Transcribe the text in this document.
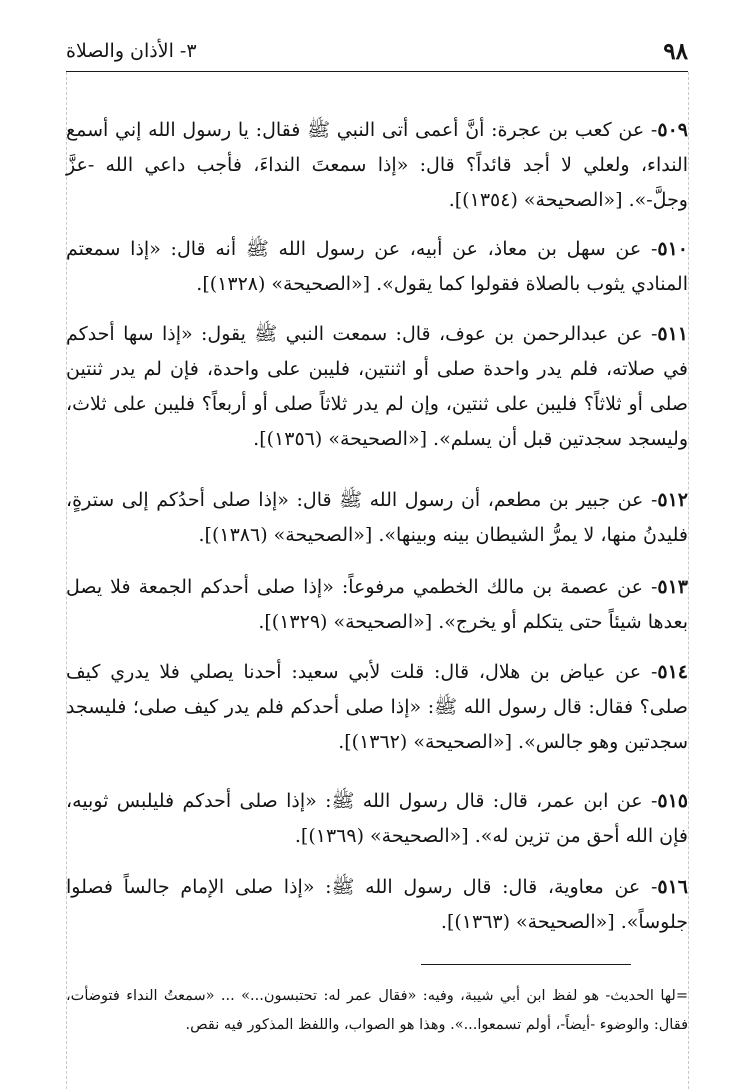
٩٨
٣- الأذان والصلاة
٥٠٩- عن كعب بن عجرة: أنَّ أعمى أتى النبي ﷺ فقال: يا رسول الله إني أسمع النداء، ولعلي لا أجد قائداً؟ قال: «إذا سمعتَ النداءَ، فأجب داعي الله -عزَّ وجلَّ-». [«الصحيحة» (١٣٥٤)].
٥١٠- عن سهل بن معاذ، عن أبيه، عن رسول الله ﷺ أنه قال: «إذا سمعتم المنادي يثوب بالصلاة فقولوا كما يقول». [«الصحيحة» (١٣٢٨)].
٥١١- عن عبدالرحمن بن عوف، قال: سمعت النبي ﷺ يقول: «إذا سها أحدكم في صلاته، فلم يدر واحدة صلى أو اثنتين، فليبن على واحدة، فإن لم يدر ثنتين صلى أو ثلاثاً؟ فليبن على ثنتين، وإن لم يدر ثلاثاً صلى أو أربعاً؟ فليبن على ثلاث، وليسجد سجدتين قبل أن يسلم». [«الصحيحة» (١٣٥٦)].
٥١٢- عن جبير بن مطعم، أن رسول الله ﷺ قال: «إذا صلى أحدُكم إلى سترةٍ، فليدنُ منها، لا يمرُّ الشيطان بينه وبينها». [«الصحيحة» (١٣٨٦)].
٥١٣- عن عصمة بن مالك الخطمي مرفوعاً: «إذا صلى أحدكم الجمعة فلا يصل بعدها شيئاً حتى يتكلم أو يخرج». [«الصحيحة» (١٣٢٩)].
٥١٤- عن عياض بن هلال، قال: قلت لأبي سعيد: أحدنا يصلي فلا يدري كيف صلى؟ فقال: قال رسول الله ﷺ: «إذا صلى أحدكم فلم يدر كيف صلى؛ فليسجد سجدتين وهو جالس». [«الصحيحة» (١٣٦٢)].
٥١٥- عن ابن عمر، قال: قال رسول الله ﷺ: «إذا صلى أحدكم فليلبس ثوبيه، فإن الله أحق من تزين له». [«الصحيحة» (١٣٦٩)].
٥١٦- عن معاوية، قال: قال رسول الله ﷺ: «إذا صلى الإمام جالساً فصلوا جلوساً». [«الصحيحة» (١٣٦٣)].
=لها الحديث- هو لفظ ابن أبي شيبة، وفيه: «فقال عمر له: تحتبسون...» ... «سمعتُ النداء فتوضأت، فقال: والوضوء -أيضاً-، أولم تسمعوا...». وهذا هو الصواب، واللفظ المذكور فيه نقص.
